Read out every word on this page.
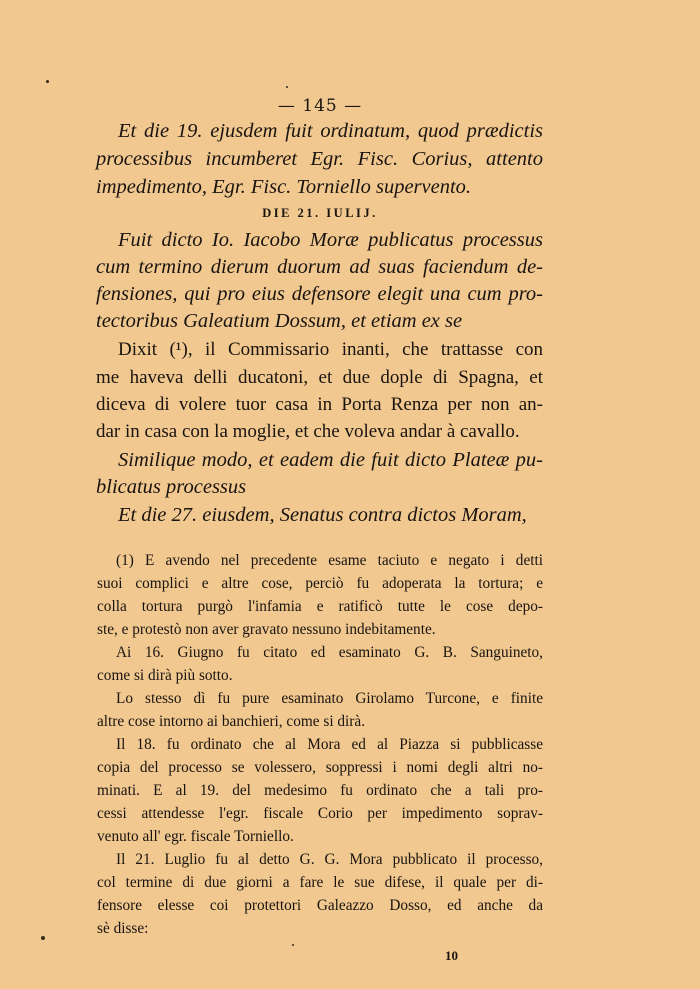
— 145 —
Et die 19. ejusdem fuit ordinatum, quod prædictis
processibus incumberet Egr. Fisc. Corius, attento
impedimento, Egr. Fisc. Torniello supervento.
DIE 21. IULIJ.
Fuit dicto Io. Iacobo Moræ publicatus processus
cum termino dierum duorum ad suas faciendum de-
fensiones, qui pro eius defensore elegit una cum pro-
tectoribus Galeatium Dossum, et etiam ex se
Dixit (¹), il Commissario inanti, che trattasse con
me haveva delli ducatoni, et due dople di Spagna, et
diceva di volere tuor casa in Porta Renza per non an-
dar in casa con la moglie, et che voleva andar à cavallo.
Similique modo, et eadem die fuit dicto Plateæ pu-
blicatus processus
Et die 27. eiusdem, Senatus contra dictos Moram,
(1) E avendo nel precedente esame taciuto e negato i detti
suoi complici e altre cose, perciò fu adoperata la tortura; e
colla tortura purgò l'infamia e ratificò tutte le cose depo-
ste, e protestò non aver gravato nessuno indebitamente.
Ai 16. Giugno fu citato ed esaminato G. B. Sanguineto,
come si dirà più sotto.
Lo stesso dì fu pure esaminato Girolamo Turcone, e finite
altre cose intorno ai banchieri, come si dirà.
Il 18. fu ordinato che al Mora ed al Piazza si pubblicasse
copia del processo se volessero, soppressi i nomi degli altri no-
minati. E al 19. del medesimo fu ordinato che a tali pro-
cessi attendesse l'egr. fiscale Corio per impedimento soprav-
venuto all' egr. fiscale Torniello.
Il 21. Luglio fu al detto G. G. Mora pubblicato il processo,
col termine di due giorni a fare le sue difese, il quale per di-
fensore elesse coi protettori Galeazzo Dosso, ed anche da
sè disse:
10
